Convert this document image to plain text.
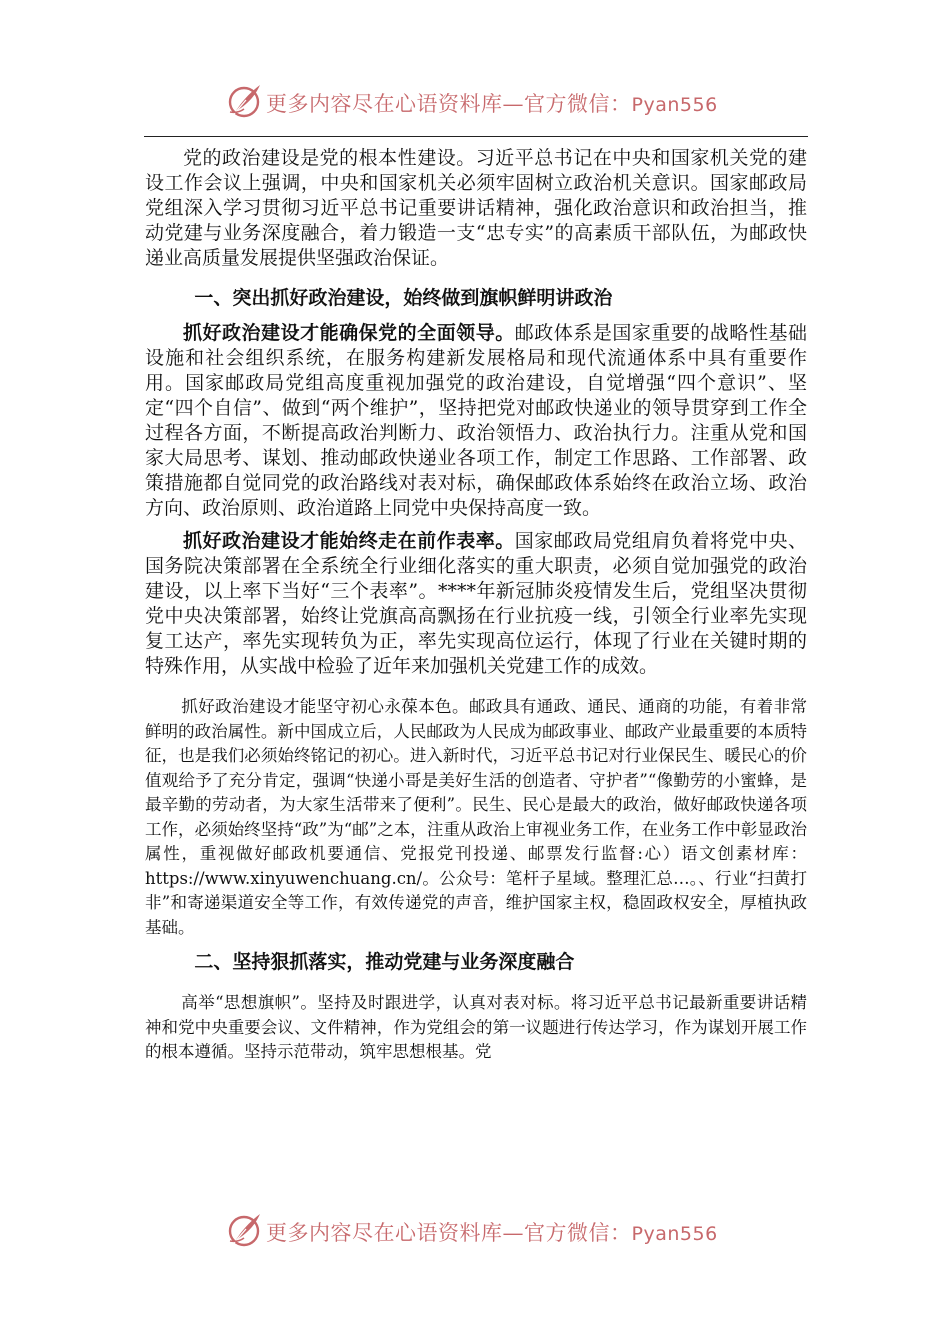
更多内容尽在心语资料库—官方微信：Pyan556

党的政治建设是党的根本性建设。习近平总书记在中央和国家机关党的建设工作会议上强调，中央和国家机关必须牢固树立政治机关意识。国家邮政局党组深入学习贯彻习近平总书记重要讲话精神，强化政治意识和政治担当，推动党建与业务深度融合，着力锻造一支“忠专实”的高素质干部队伍，为邮政快递业高质量发展提供坚强政治保证。

一、突出抓好政治建设，始终做到旗帜鲜明讲政治

抓好政治建设才能确保党的全面领导。邮政体系是国家重要的战略性基础设施和社会组织系统，在服务构建新发展格局和现代流通体系中具有重要作用。国家邮政局党组高度重视加强党的政治建设，自觉增强“四个意识”、坚定“四个自信”、做到“两个维护”，坚持把党对邮政快递业的领导贯穿到工作全过程各方面，不断提高政治判断力、政治领悟力、政治执行力。注重从党和国家大局思考、谋划、推动邮政快递业各项工作，制定工作思路、工作部署、政策措施都自觉同党的政治路线对表对标，确保邮政体系始终在政治立场、政治方向、政治原则、政治道路上同党中央保持高度一致。

抓好政治建设才能始终走在前作表率。国家邮政局党组肩负着将党中央、国务院决策部署在全系统全行业细化落实的重大职责，必须自觉加强党的政治建设，以上率下当好“三个表率”。****年新冠肺炎疫情发生后，党组坚决贯彻党中央决策部署，始终让党旗高高飘扬在行业抗疫一线，引领全行业率先实现复工达产，率先实现转负为正，率先实现高位运行，体现了行业在关键时期的特殊作用，从实战中检验了近年来加强机关党建工作的成效。

抓好政治建设才能坚守初心永葆本色。邮政具有通政、通民、通商的功能，有着非常鲜明的政治属性。新中国成立后，人民邮政为人民成为邮政事业、邮政产业最重要的本质特征，也是我们必须始终铭记的初心。进入新时代，习近平总书记对行业保民生、暖民心的价值观给予了充分肯定，强调“快递小哥是美好生活的创造者、守护者”“像勤劳的小蜜蜂，是最辛勤的劳动者，为大家生活带来了便利”。民生、民心是最大的政治，做好邮政快递各项工作，必须始终坚持“政”为“邮”之本，注重从政治上审视业务工作，在业务工作中彰显政治属性，重视做好邮政机要通信、党报党刊投递、邮票发行监督:心）语文创素材库：https://www.xinyuwenchuang.cn/。公众号：笔杆子星域。整理汇总…。、行业“扫黄打非”和寄递渠道安全等工作，有效传递党的声音，维护国家主权，稳固政权安全，厚植执政基础。

二、坚持狠抓落实，推动党建与业务深度融合

高举“思想旗帜”。坚持及时跟进学，认真对表对标。将习近平总书记最新重要讲话精神和党中央重要会议、文件精神，作为党组会的第一议题进行传达学习，作为谋划开展工作的根本遵循。坚持示范带动，筑牢思想根基。党

更多内容尽在心语资料库—官方微信：Pyan556
